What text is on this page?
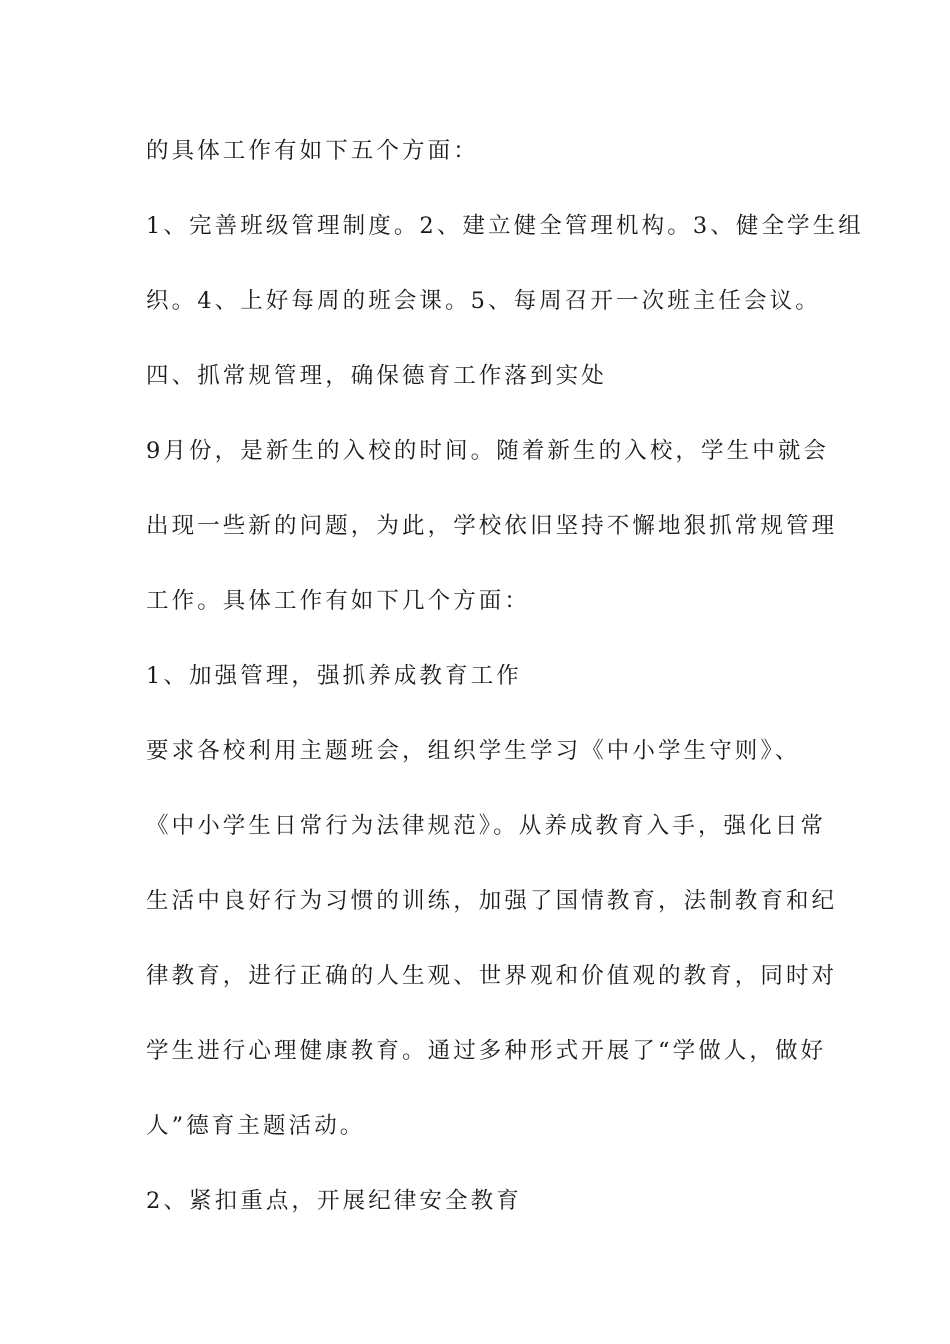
的具体工作有如下五个方面：

1、完善班级管理制度。2、建立健全管理机构。3、健全学生组

织。4、上好每周的班会课。5、每周召开一次班主任会议。

四、抓常规管理，确保德育工作落到实处

9月份，是新生的入校的时间。随着新生的入校，学生中就会

出现一些新的问题，为此，学校依旧坚持不懈地狠抓常规管理

工作。具体工作有如下几个方面：

1、加强管理，强抓养成教育工作

要求各校利用主题班会，组织学生学习《中小学生守则》、

《中小学生日常行为法律规范》。从养成教育入手，强化日常

生活中良好行为习惯的训练，加强了国情教育，法制教育和纪

律教育，进行正确的人生观、世界观和价值观的教育，同时对

学生进行心理健康教育。通过多种形式开展了“学做人，做好

人”德育主题活动。

2、紧扣重点，开展纪律安全教育
